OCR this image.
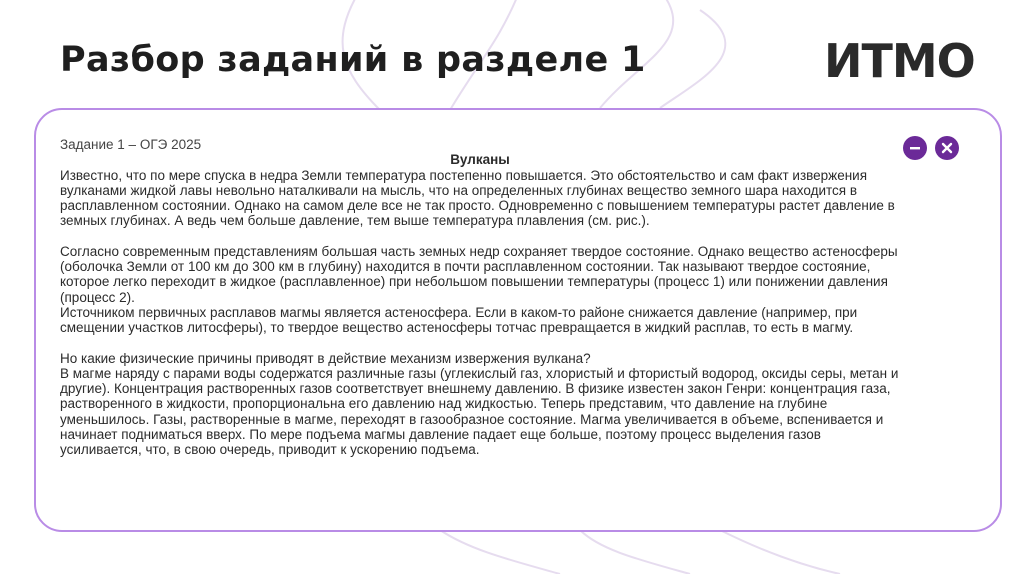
Разбор заданий в разделе 1	ИТМО
Задание 1 – ОГЭ 2025
Вулканы

Известно, что по мере спуска в недра Земли температура постепенно повышается. Это обстоятельство и сам факт извержения вулканами жидкой лавы невольно наталкивали на мысль, что на определенных глубинах вещество земного шара находится в расплавленном состоянии. Однако на самом деле все не так просто. Одновременно с повышением температуры растет давление в земных глубинах. А ведь чем больше давление, тем выше температура плавления (см. рис.).

Согласно современным представлениям большая часть земных недр сохраняет твердое состояние. Однако вещество астеносферы (оболочка Земли от 100 км до 300 км в глубину) находится в почти расплавленном состоянии. Так называют твердое состояние, которое легко переходит в жидкое (расплавленное) при небольшом повышении температуры (процесс 1) или понижении давления (процесс 2).

Источником первичных расплавов магмы является астеносфера. Если в каком-то районе снижается давление (например, при смещении участков литосферы), то твердое вещество астеносферы тотчас превращается в жидкий расплав, то есть в магму.

Но какие физические причины приводят в действие механизм извержения вулкана?

В магме наряду с парами воды содержатся различные газы (углекислый газ, хлористый и фтористый водород, оксиды серы, метан и другие). Концентрация растворенных газов соответствует внешнему давлению. В физике известен закон Генри: концентрация газа, растворенного в жидкости, пропорциональна его давлению над жидкостью. Теперь представим, что давление на глубине уменьшилось. Газы, растворенные в магме, переходят в газообразное состояние. Магма увеличивается в объеме, вспенивается и начинает подниматься вверх. По мере подъема магмы давление падает еще больше, поэтому процесс выделения газов усиливается, что, в свою очередь, приводит к ускорению подъема.
